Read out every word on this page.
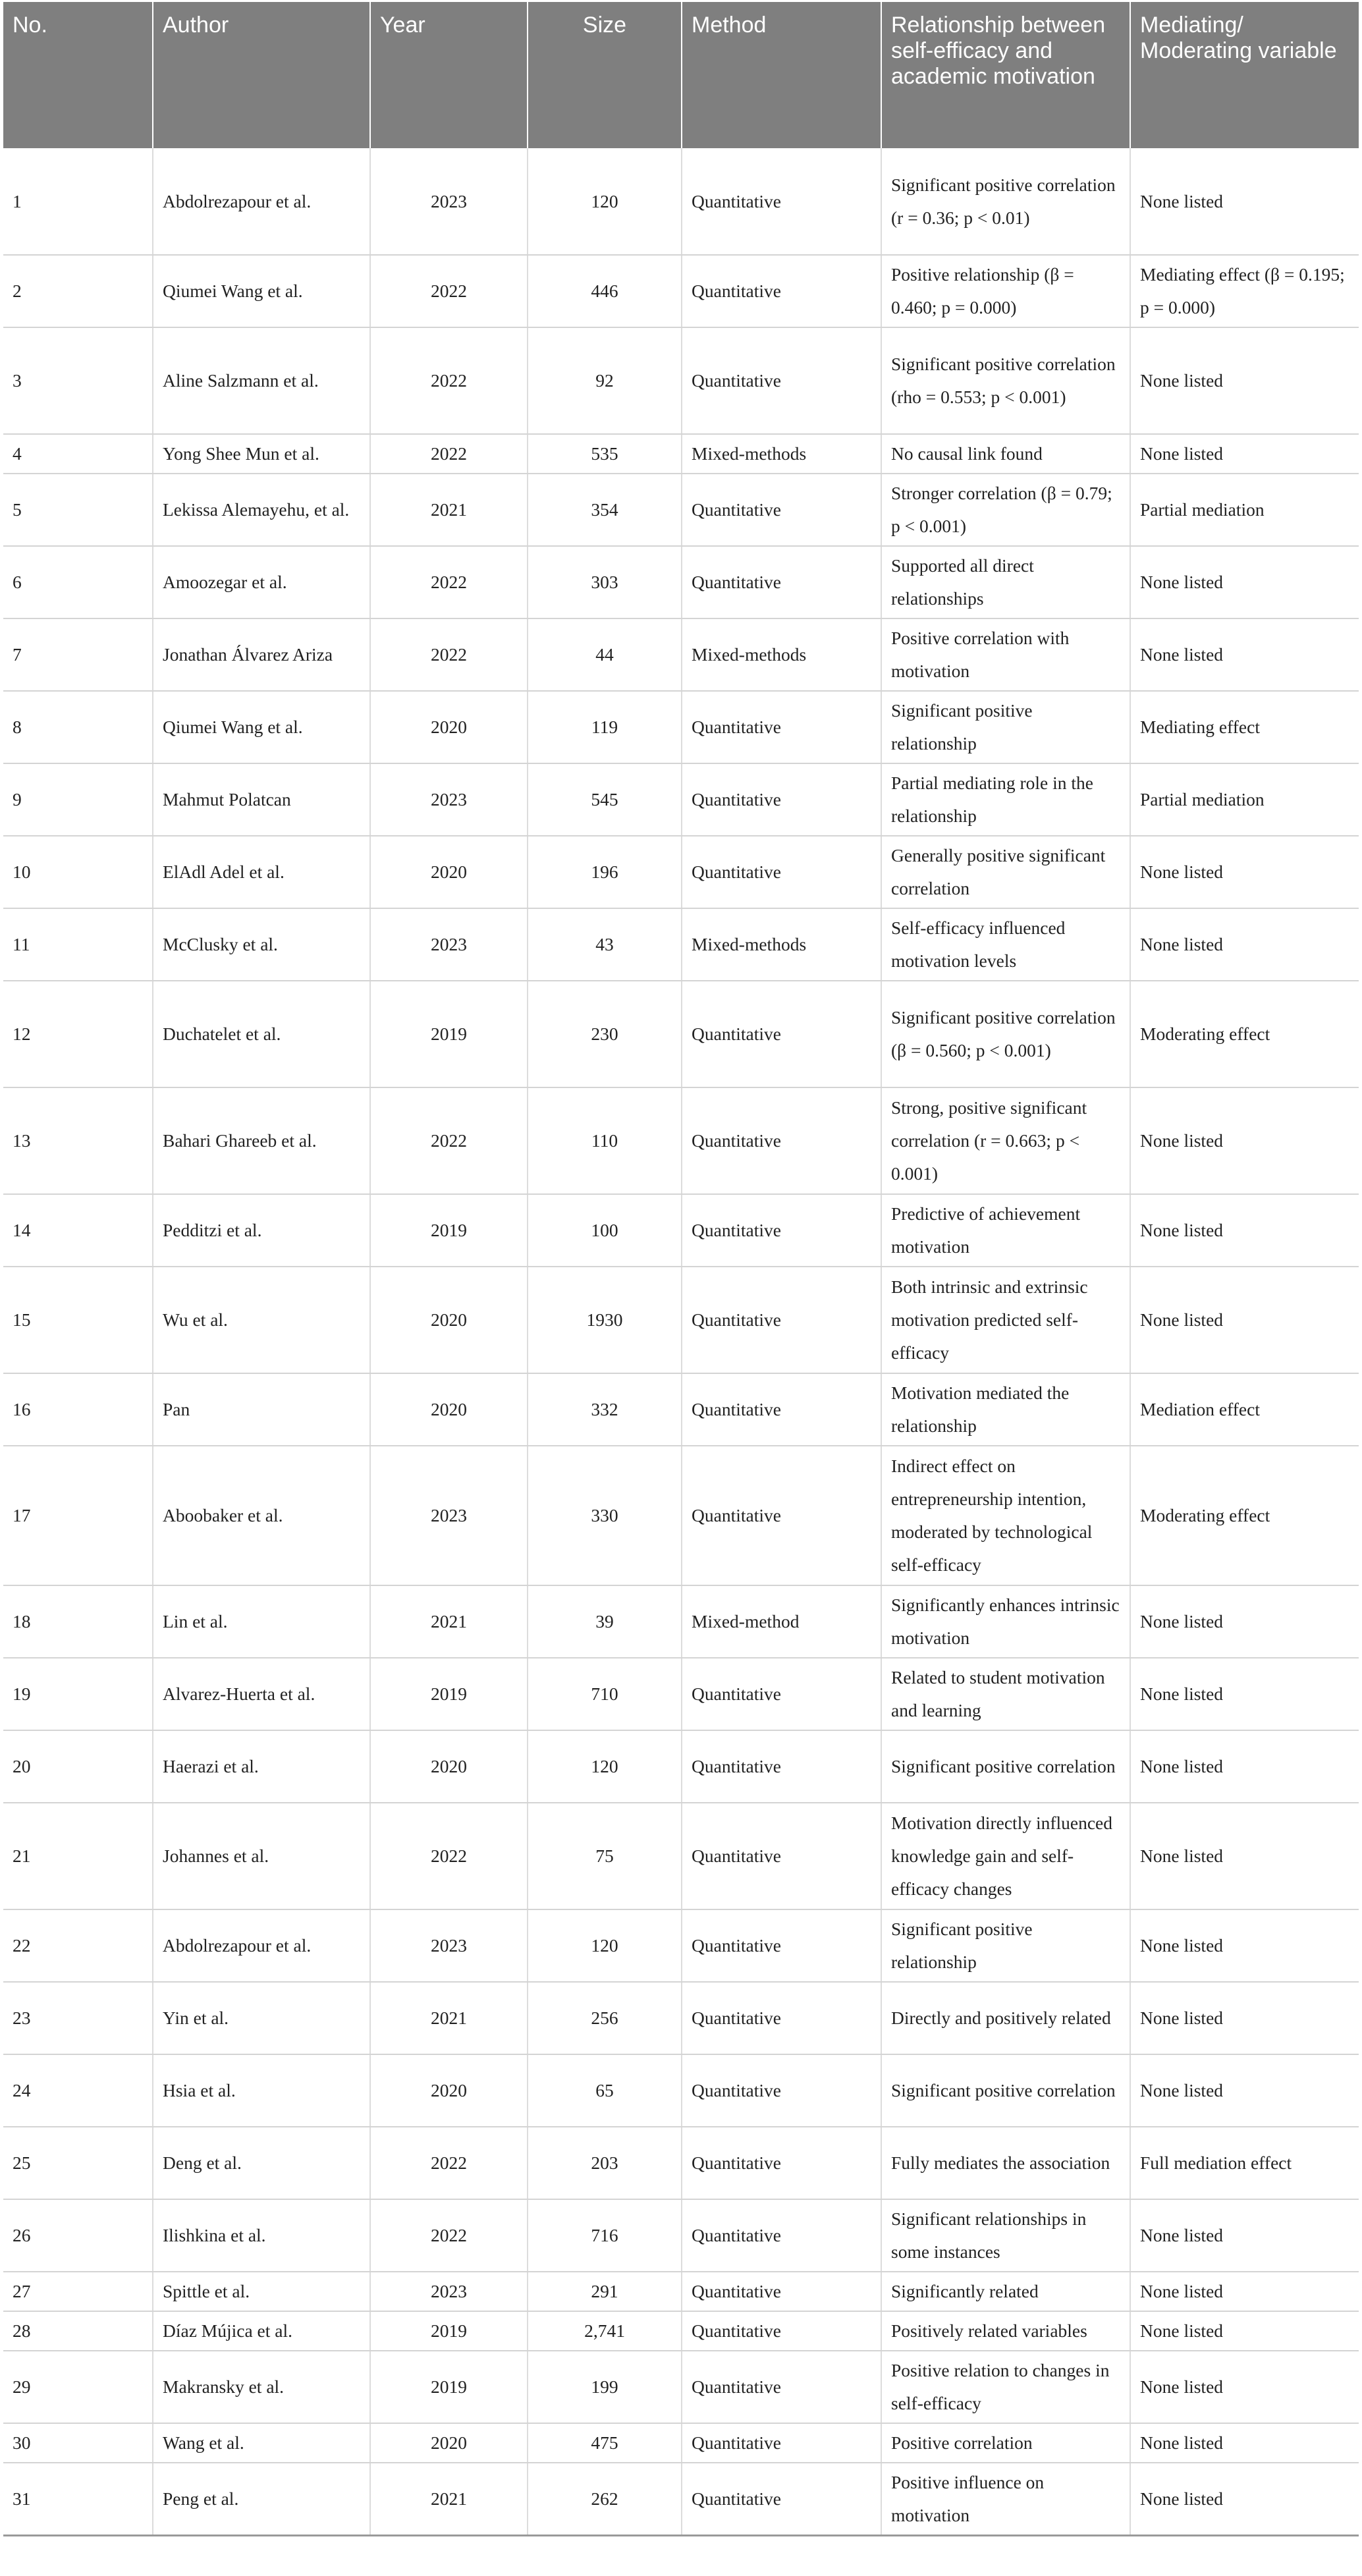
No.	Author	Year	Size	Method	Relationship between self-efficacy and academic motivation	Mediating/ Moderating variable
1	Abdolrezapour et al.	2023	120	Quantitative	Significant positive correlation (r = 0.36; p < 0.01)	None listed
2	Qiumei Wang et al.	2022	446	Quantitative	Positive relationship (β = 0.460; p = 0.000)	Mediating effect (β = 0.195; p = 0.000)
3	Aline Salzmann et al.	2022	92	Quantitative	Significant positive correlation (rho = 0.553; p < 0.001)	None listed
4	Yong Shee Mun et al.	2022	535	Mixed-methods	No causal link found	None listed
5	Lekissa Alemayehu, et al.	2021	354	Quantitative	Stronger correlation (β = 0.79; p < 0.001)	Partial mediation
6	Amoozegar et al.	2022	303	Quantitative	Supported all direct relationships	None listed
7	Jonathan Álvarez Ariza	2022	44	Mixed-methods	Positive correlation with motivation	None listed
8	Qiumei Wang et al.	2020	119	Quantitative	Significant positive relationship	Mediating effect
9	Mahmut Polatcan	2023	545	Quantitative	Partial mediating role in the relationship	Partial mediation
10	ElAdl Adel et al.	2020	196	Quantitative	Generally positive significant correlation	None listed
11	McClusky et al.	2023	43	Mixed-methods	Self-efficacy influenced motivation levels	None listed
12	Duchatelet et al.	2019	230	Quantitative	Significant positive correlation (β = 0.560; p < 0.001)	Moderating effect
13	Bahari Ghareeb et al.	2022	110	Quantitative	Strong, positive significant correlation (r = 0.663; p < 0.001)	None listed
14	Pedditzi et al.	2019	100	Quantitative	Predictive of achievement motivation	None listed
15	Wu et al.	2020	1930	Quantitative	Both intrinsic and extrinsic motivation predicted self-efficacy	None listed
16	Pan	2020	332	Quantitative	Motivation mediated the relationship	Mediation effect
17	Aboobaker et al.	2023	330	Quantitative	Indirect effect on entrepreneurship intention, moderated by technological self-efficacy	Moderating effect
18	Lin et al.	2021	39	Mixed-method	Significantly enhances intrinsic motivation	None listed
19	Alvarez-Huerta et al.	2019	710	Quantitative	Related to student motivation and learning	None listed
20	Haerazi et al.	2020	120	Quantitative	Significant positive correlation	None listed
21	Johannes et al.	2022	75	Quantitative	Motivation directly influenced knowledge gain and self-efficacy changes	None listed
22	Abdolrezapour et al.	2023	120	Quantitative	Significant positive relationship	None listed
23	Yin et al.	2021	256	Quantitative	Directly and positively related	None listed
24	Hsia et al.	2020	65	Quantitative	Significant positive correlation	None listed
25	Deng et al.	2022	203	Quantitative	Fully mediates the association	Full mediation effect
26	Ilishkina et al.	2022	716	Quantitative	Significant relationships in some instances	None listed
27	Spittle et al.	2023	291	Quantitative	Significantly related	None listed
28	Díaz Mújica et al.	2019	2,741	Quantitative	Positively related variables	None listed
29	Makransky et al.	2019	199	Quantitative	Positive relation to changes in self-efficacy	None listed
30	Wang et al.	2020	475	Quantitative	Positive correlation	None listed
31	Peng et al.	2021	262	Quantitative	Positive influence on motivation	None listed
